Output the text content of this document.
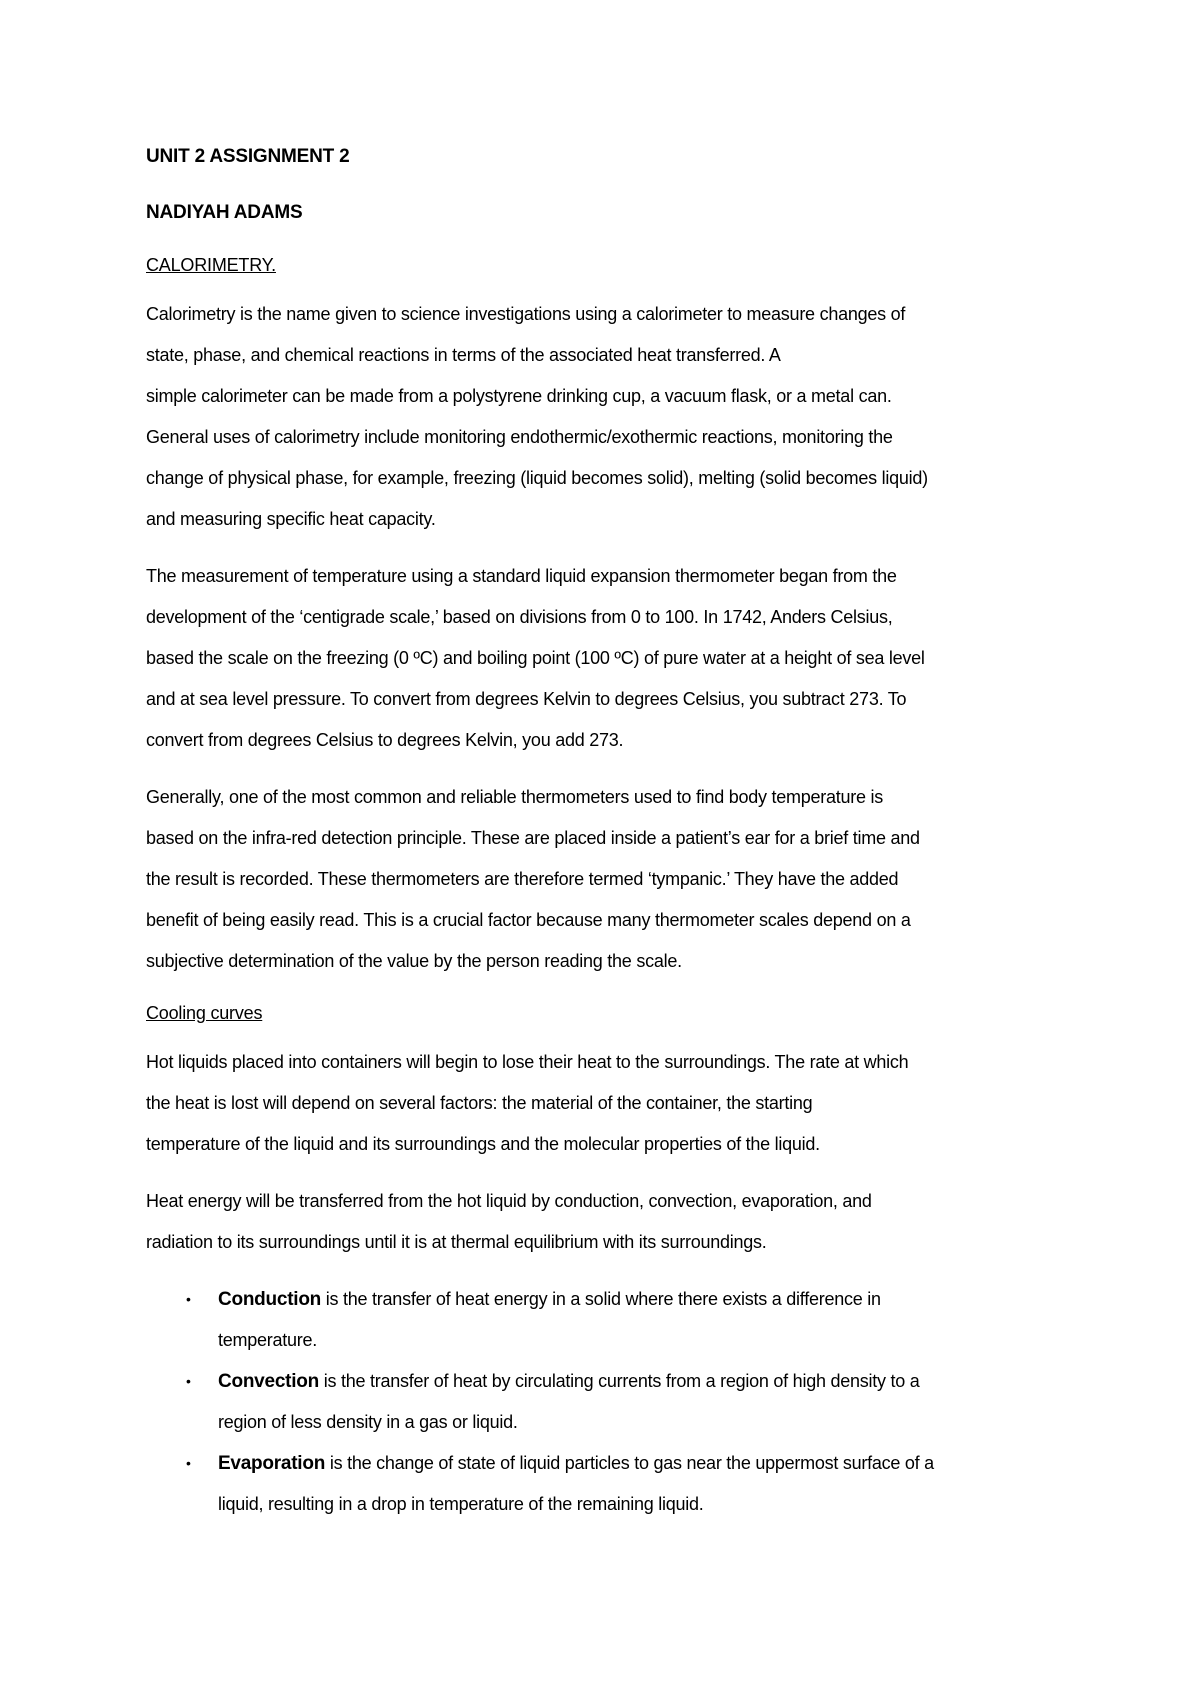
UNIT 2 ASSIGNMENT 2
NADIYAH ADAMS
CALORIMETRY.

Calorimetry is the name given to science investigations using a calorimeter to measure changes of
state, phase, and chemical reactions in terms of the associated heat transferred. A
simple calorimeter can be made from a polystyrene drinking cup, a vacuum flask, or a metal can.
General uses of calorimetry include monitoring endothermic/exothermic reactions, monitoring the
change of physical phase, for example, freezing (liquid becomes solid), melting (solid becomes liquid)
and measuring specific heat capacity.

The measurement of temperature using a standard liquid expansion thermometer began from the
development of the ‘centigrade scale,’ based on divisions from 0 to 100. In 1742, Anders Celsius,
based the scale on the freezing (0 ºC) and boiling point (100 ºC) of pure water at a height of sea level
and at sea level pressure. To convert from degrees Kelvin to degrees Celsius, you subtract 273. To
convert from degrees Celsius to degrees Kelvin, you add 273.

Generally, one of the most common and reliable thermometers used to find body temperature is
based on the infra-red detection principle. These are placed inside a patient’s ear for a brief time and
the result is recorded. These thermometers are therefore termed ‘tympanic.’ They have the added
benefit of being easily read. This is a crucial factor because many thermometer scales depend on a
subjective determination of the value by the person reading the scale.

Cooling curves

Hot liquids placed into containers will begin to lose their heat to the surroundings. The rate at which
the heat is lost will depend on several factors: the material of the container, the starting
temperature of the liquid and its surroundings and the molecular properties of the liquid.

Heat energy will be transferred from the hot liquid by conduction, convection, evaporation, and
radiation to its surroundings until it is at thermal equilibrium with its surroundings.

• Conduction is the transfer of heat energy in a solid where there exists a difference in
temperature.
• Convection is the transfer of heat by circulating currents from a region of high density to a
region of less density in a gas or liquid.
• Evaporation is the change of state of liquid particles to gas near the uppermost surface of a
liquid, resulting in a drop in temperature of the remaining liquid.
